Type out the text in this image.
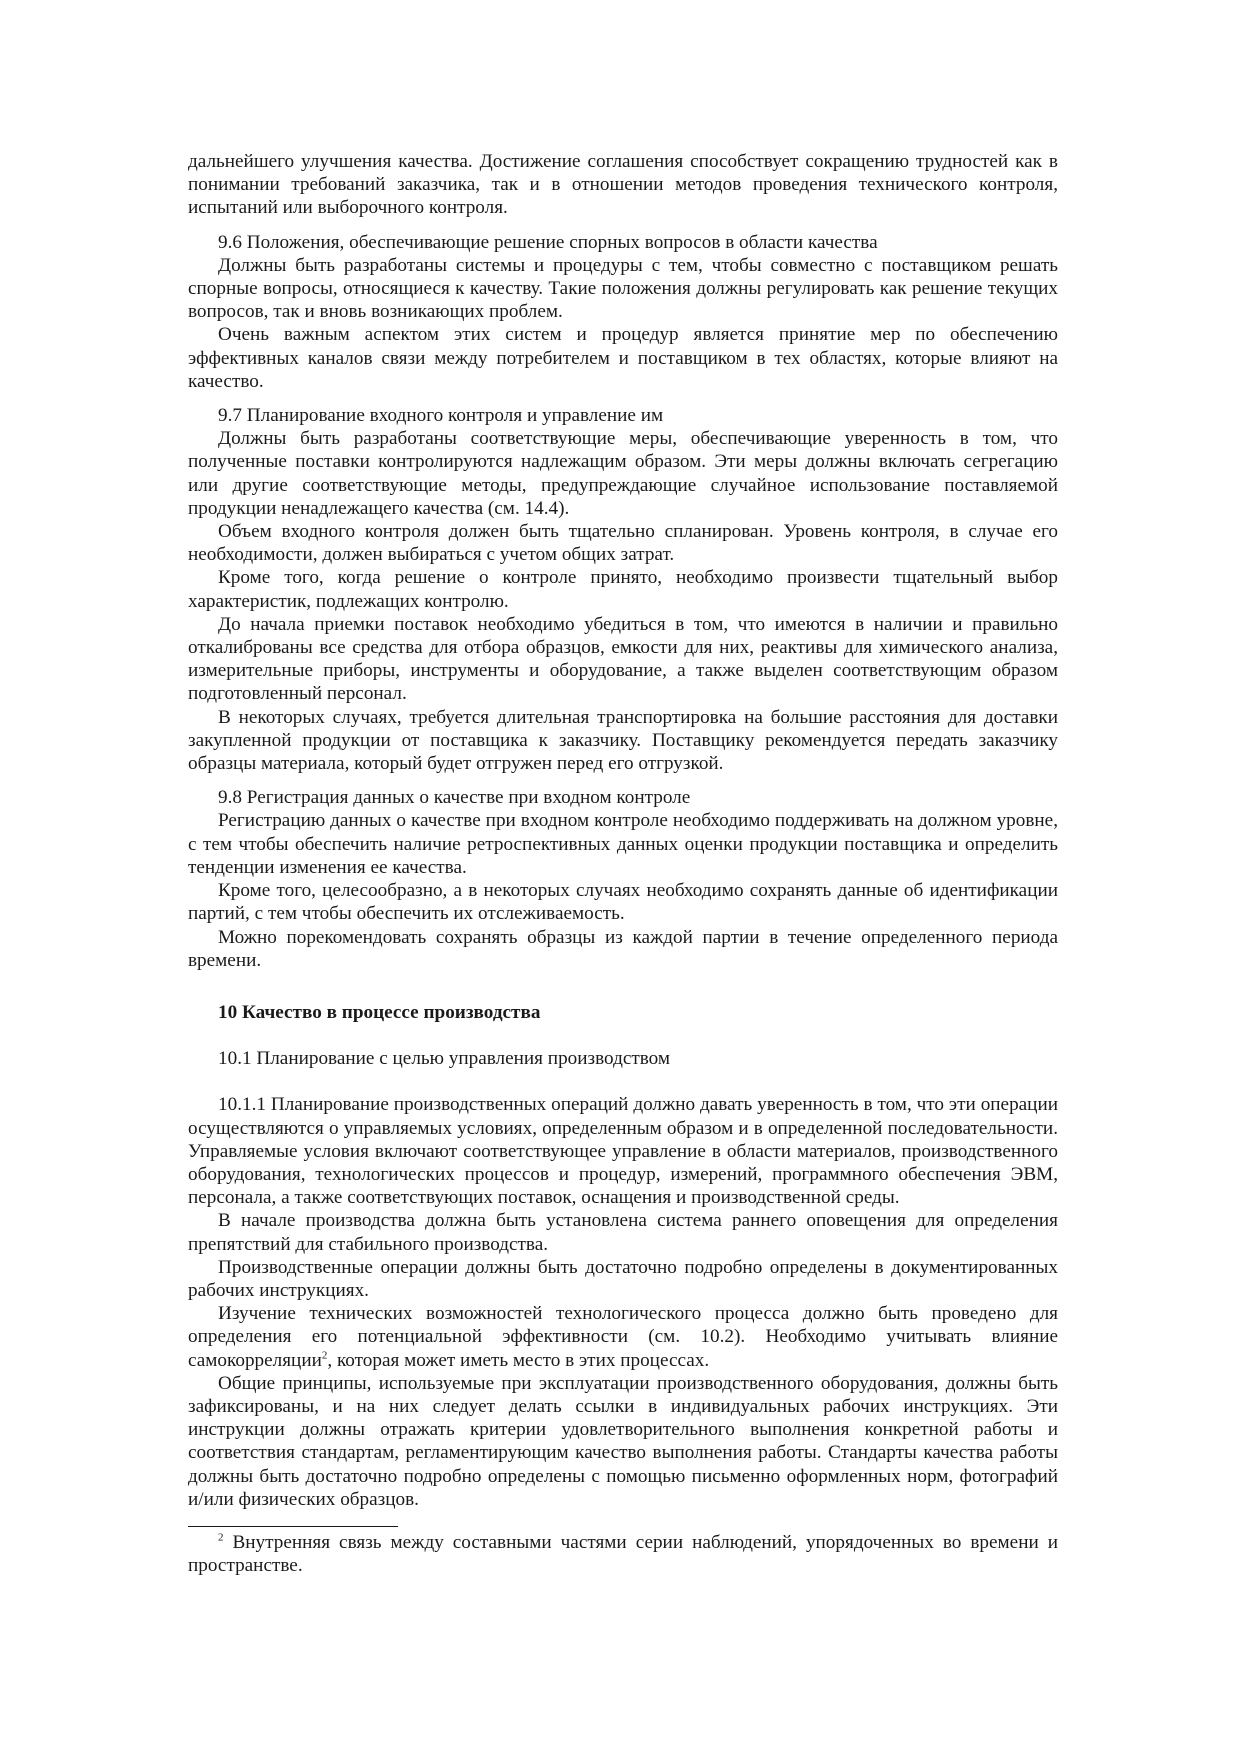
дальнейшего улучшения качества. Достижение соглашения способствует сокращению трудностей как в понимании требований заказчика, так и в отношении методов проведения технического контроля, испытаний или выборочного контроля.

9.6 Положения, обеспечивающие решение спорных вопросов в области качества

Должны быть разработаны системы и процедуры с тем, чтобы совместно с поставщиком решать спорные вопросы, относящиеся к качеству. Такие положения должны регулировать как решение текущих вопросов, так и вновь возникающих проблем.

Очень важным аспектом этих систем и процедур является принятие мер по обеспечению эффективных каналов связи между потребителем и поставщиком в тех областях, которые влияют на качество.

9.7 Планирование входного контроля и управление им

Должны быть разработаны соответствующие меры, обеспечивающие уверенность в том, что полученные поставки контролируются надлежащим образом. Эти меры должны включать сегрегацию или другие соответствующие методы, предупреждающие случайное использование поставляемой продукции ненадлежащего качества (см. 14.4).

Объем входного контроля должен быть тщательно спланирован. Уровень контроля, в случае его необходимости, должен выбираться с учетом общих затрат.

Кроме того, когда решение о контроле принято, необходимо произвести тщательный выбор характеристик, подлежащих контролю.

До начала приемки поставок необходимо убедиться в том, что имеются в наличии и правильно откалиброваны все средства для отбора образцов, емкости для них, реактивы для химического анализа, измерительные приборы, инструменты и оборудование, а также выделен соответствующим образом подготовленный персонал.

В некоторых случаях, требуется длительная транспортировка на большие расстояния для доставки закупленной продукции от поставщика к заказчику. Поставщику рекомендуется передать заказчику образцы материала, который будет отгружен перед его отгрузкой.

9.8 Регистрация данных о качестве при входном контроле

Регистрацию данных о качестве при входном контроле необходимо поддерживать на должном уровне, с тем чтобы обеспечить наличие ретроспективных данных оценки продукции поставщика и определить тенденции изменения ее качества.

Кроме того, целесообразно, а в некоторых случаях необходимо сохранять данные об идентификации партий, с тем чтобы обеспечить их отслеживаемость.

Можно порекомендовать сохранять образцы из каждой партии в течение определенного периода времени.

10 Качество в процессе производства

10.1 Планирование с целью управления производством

10.1.1 Планирование производственных операций должно давать уверенность в том, что эти операции осуществляются о управляемых условиях, определенным образом и в определенной последовательности. Управляемые условия включают соответствующее управление в области материалов, производственного оборудования, технологических процессов и процедур, измерений, программного обеспечения ЭВМ, персонала, а также соответствующих поставок, оснащения и производственной среды.

В начале производства должна быть установлена система раннего оповещения для определения препятствий для стабильного производства.

Производственные операции должны быть достаточно подробно определены в документированных рабочих инструкциях.

Изучение технических возможностей технологического процесса должно быть проведено для определения его потенциальной эффективности (см. 10.2). Необходимо учитывать влияние самокорреляции$^2$, которая может иметь место в этих процессах.

Общие принципы, используемые при эксплуатации производственного оборудования, должны быть зафиксированы, и на них следует делать ссылки в индивидуальных рабочих инструкциях. Эти инструкции должны отражать критерии удовлетворительного выполнения конкретной работы и соответствия стандартам, регламентирующим качество выполнения работы. Стандарты качества работы должны быть достаточно подробно определены с помощью письменно оформленных норм, фотографий и/или физических образцов.

$^2$ Внутренняя связь между составными частями серии наблюдений, упорядоченных во времени и пространстве.
